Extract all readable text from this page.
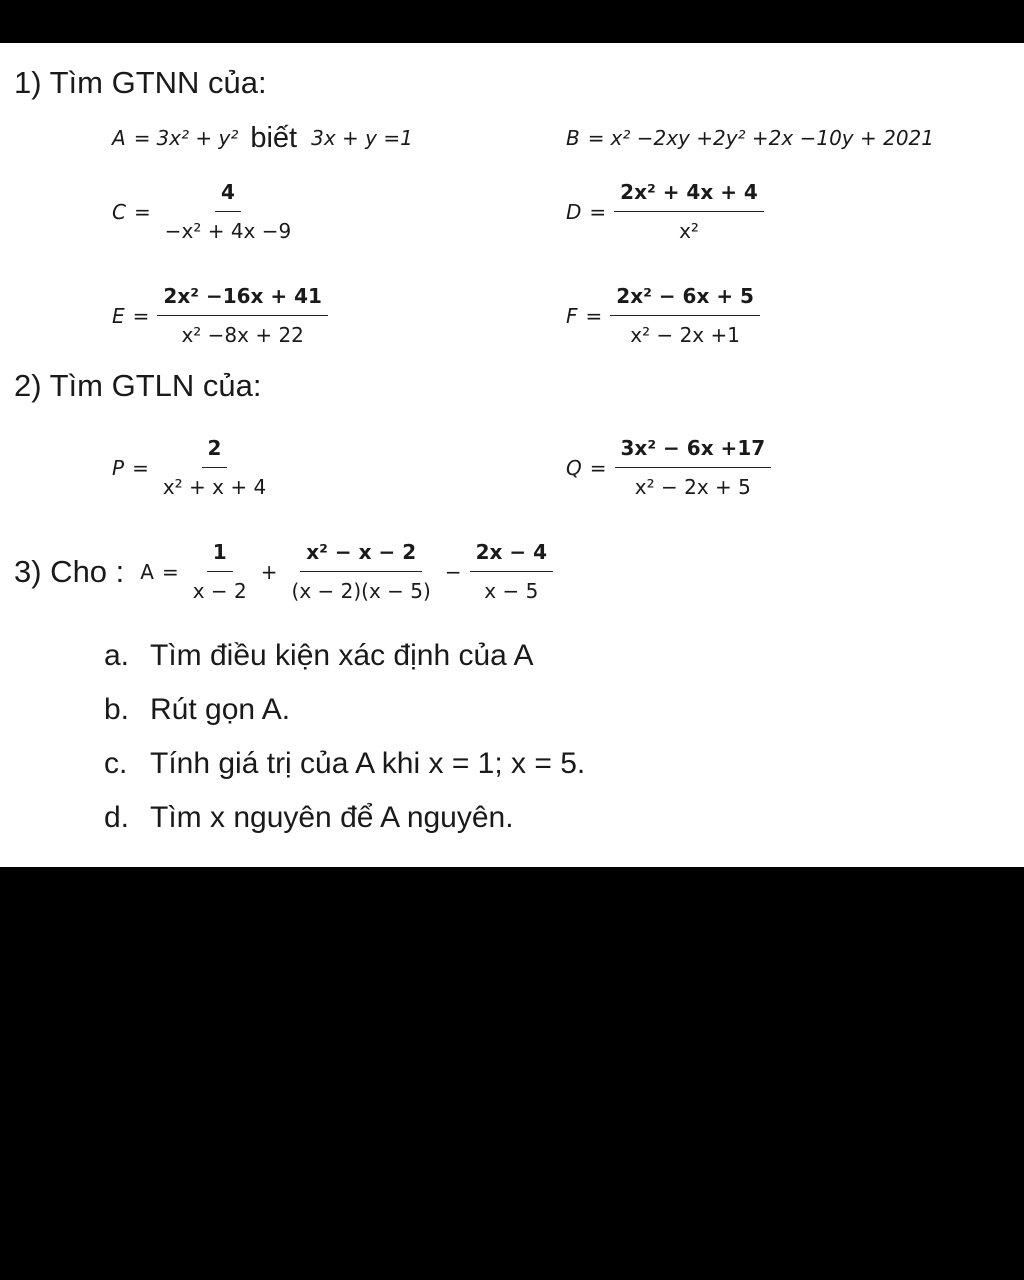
1) Tìm GTNN của:
A = 3x² + y² biết 3x + y =1	B = x² −2xy +2y² +2x −10y + 2021
$C = \frac{4}{\text{−x² + 4x −9}}$	$D = \frac{\text{2x² + 4x + 4}}{\text{x²}}$
$E = \frac{\text{2x² −16x + 41}}{\text{x² −8x + 22}}$	$F = \frac{\text{2x² − 6x + 5}}{\text{x² − 2x +1}}$
2) Tìm GTLN của:
$P = \frac{2}{\text{x² + x + 4}}$	$Q = \frac{\text{3x² − 6x +17}}{\text{x² − 2x + 5}}$
3) Cho : $A = \frac{1}{x - 2} + \frac{\text{x² − x − 2}}{(x - 2)(x - 5)} - \frac{2x - 4}{x - 5}$
a. Tìm điều kiện xác định của A
b. Rút gọn A.
c. Tính giá trị của A khi x = 1; x = 5.
d. Tìm x nguyên để A nguyên.
